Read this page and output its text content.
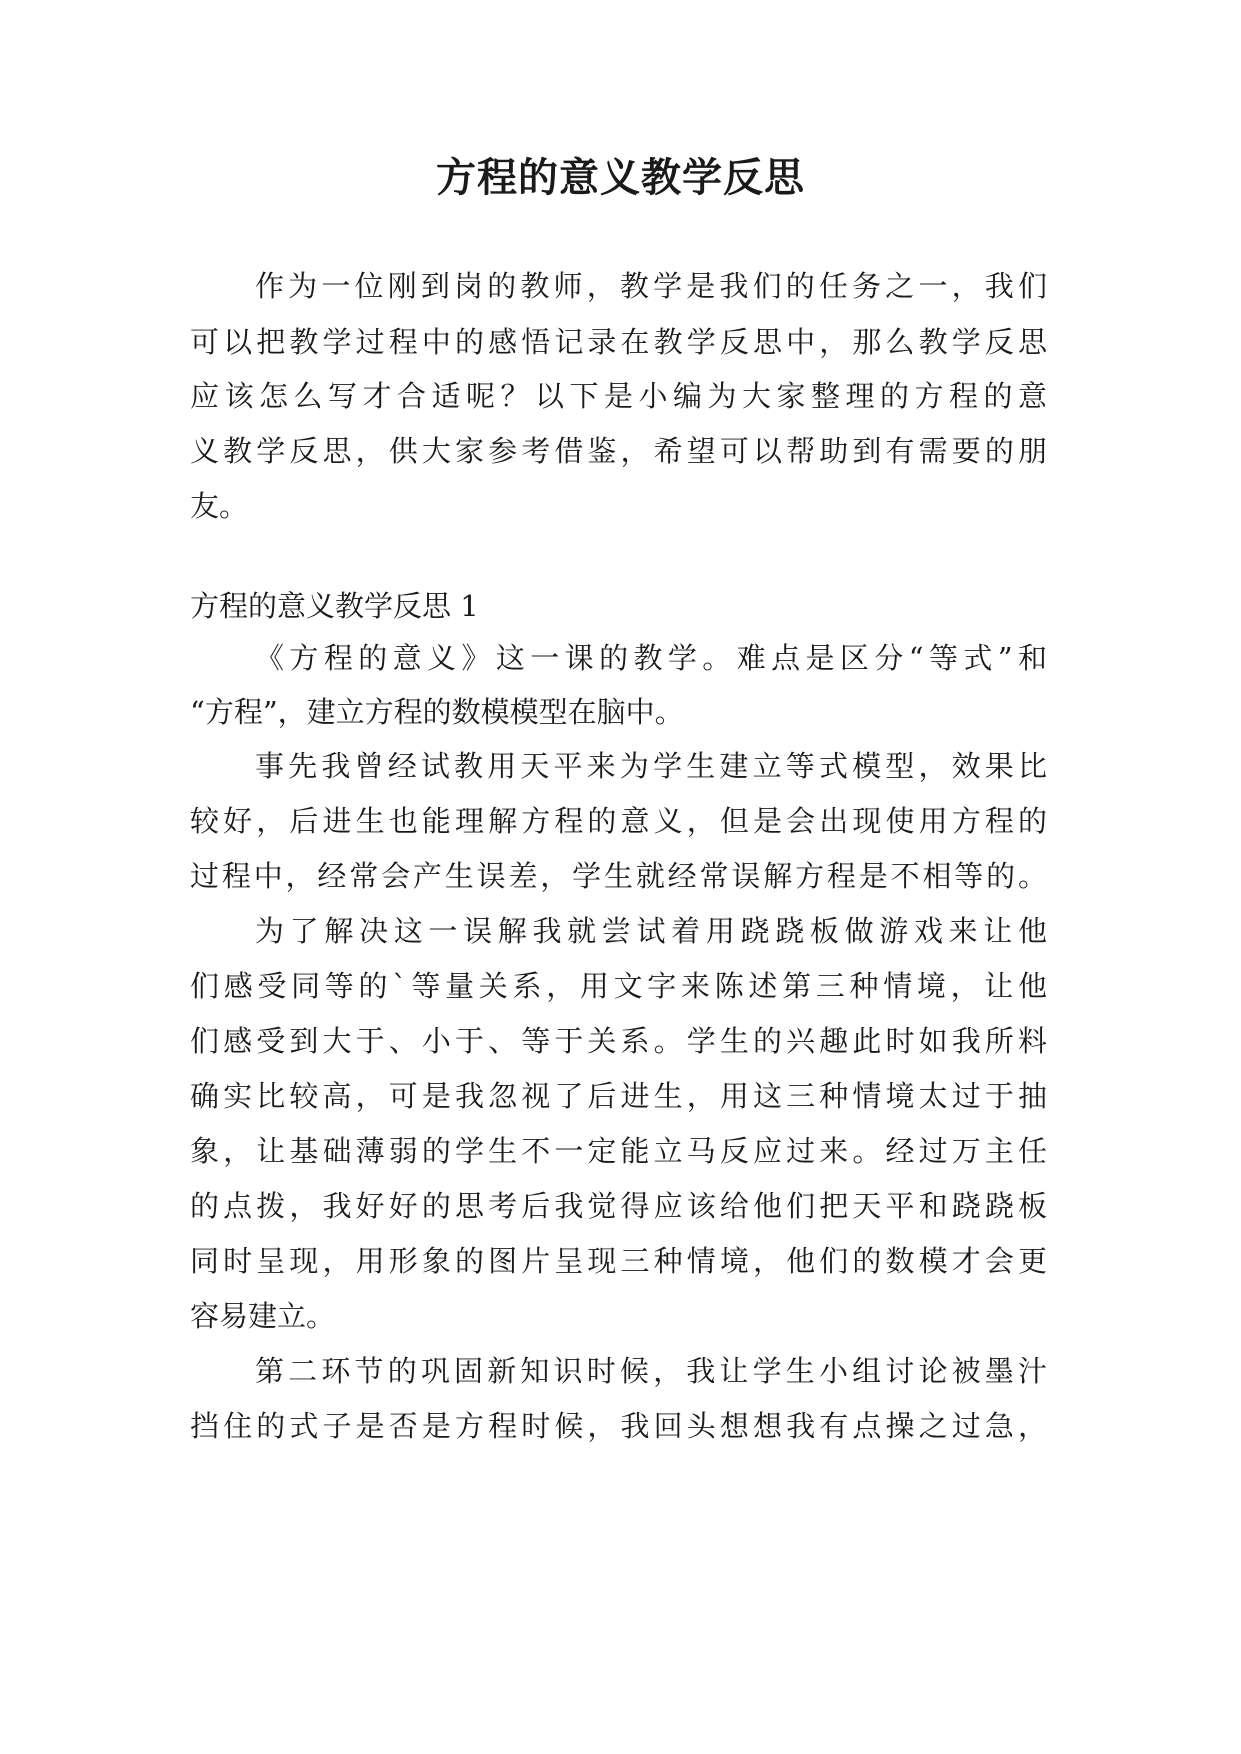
方程的意义教学反思
作为一位刚到岗的教师，教学是我们的任务之一，我们
可以把教学过程中的感悟记录在教学反思中，那么教学反思
应该怎么写才合适呢？以下是小编为大家整理的方程的意
义教学反思，供大家参考借鉴，希望可以帮助到有需要的朋
友。
方程的意义教学反思 1
《方程的意义》这一课的教学。难点是区分“等式”和
“方程”，建立方程的数模模型在脑中。
事先我曾经试教用天平来为学生建立等式模型，效果比
较好，后进生也能理解方程的意义，但是会出现使用方程的
过程中，经常会产生误差，学生就经常误解方程是不相等的。
为了解决这一误解我就尝试着用跷跷板做游戏来让他
们感受同等的`等量关系，用文字来陈述第三种情境，让他
们感受到大于、小于、等于关系。学生的兴趣此时如我所料
确实比较高，可是我忽视了后进生，用这三种情境太过于抽
象，让基础薄弱的学生不一定能立马反应过来。经过万主任
的点拨，我好好的思考后我觉得应该给他们把天平和跷跷板
同时呈现，用形象的图片呈现三种情境，他们的数模才会更
容易建立。
第二环节的巩固新知识时候，我让学生小组讨论被墨汁
挡住的式子是否是方程时候，我回头想想我有点操之过急，
